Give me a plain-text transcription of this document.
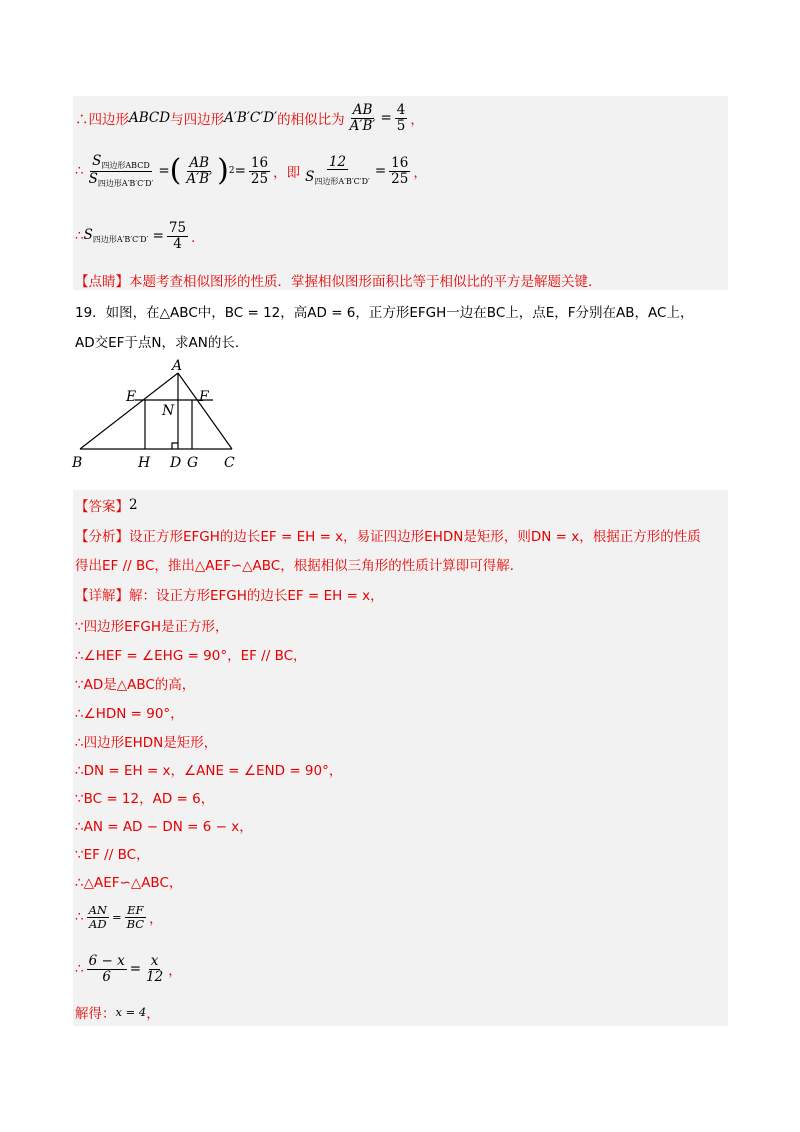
∴四边形 ABCD 与四边形 A′B′C′D′ 的相似比为 $\frac{AB}{A'B'} = \frac{4}{5}$ ，
∴ $\frac{S_{四边形ABCD}}{S_{四边形A'B'C'D'}}$ = ( $\frac{AB}{A'B'}$ ) $2 = \frac{16}{25}$ ，即 $\frac{12}{S_{四边形A'B'C'D'}} = \frac{16}{25}$ ，
∴ $S_{四边形A'B'C'D'} = \frac{75}{4}$ ．
【点睛】 本题考查相似图形的性质．掌握相似图形面积比等于相似比的平方是解题关键．
19．如图，在△ABC中，BC = 12，高AD = 6，正方形EFGH一边在BC上，点E，F分别在AB，AC上，
AD交EF于点N，求AN的长．
A
E	F
N
B	H D G C
【答案】 2
【分析】 设正方形EFGH的边长EF = EH = x，易证四边形EHDN是矩形，则DN = x，根据正方形的性质
得出EF // BC，推出△AEF∽△ABC，根据相似三角形的性质计算即可得解．
【详解】 解：设正方形EFGH的边长EF = EH = x，
∵四边形EFGH是正方形，
∴∠HEF = ∠EHG = 90°，EF // BC，
∵AD是△ABC的高，
∴∠HDN = 90°，
∴四边形EHDN是矩形，
∴DN = EH = x，∠ANE = ∠END = 90°，
∵BC = 12，AD = 6，
∴AN = AD − DN = 6 − x，
∵EF // BC，
∴△AEF∽△ABC，
∴ $\frac{AN}{AD} = \frac{EF}{BC}$ ，
∴ $\frac{6 - x}{6} = \frac{x}{12}$ ，
解得： x = 4 ，
